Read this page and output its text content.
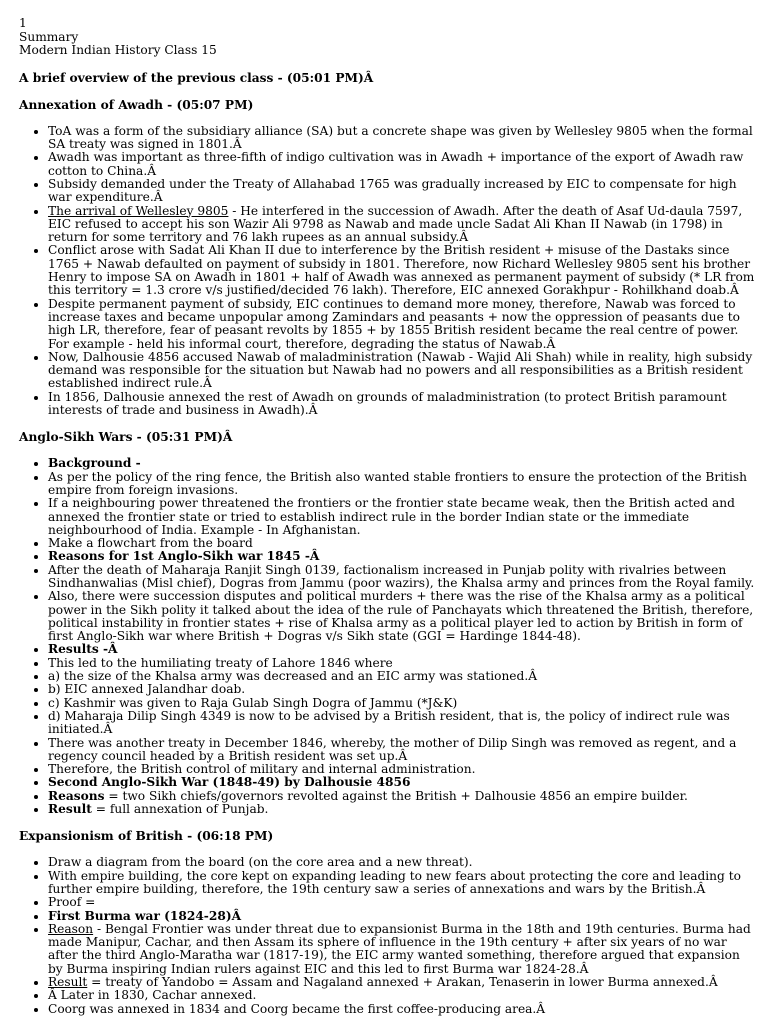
1
Summary
Modern Indian History Class 15
A brief overview of the previous class - (05:01 PM)Â
Annexation of Awadh - (05:07 PM)
• ToA was a form of the subsidiary alliance (SA) but a concrete shape was given by Wellesley 9805 when the formal SA treaty was signed in 1801.Â
• Awadh was important as three-fifth of indigo cultivation was in Awadh + importance of the export of Awadh raw cotton to China.Â
• Subsidy demanded under the Treaty of Allahabad 1765 was gradually increased by EIC to compensate for high war expenditure.Â
• The arrival of Wellesley 9805 - He interfered in the succession of Awadh. After the death of Asaf Ud-daula 7597, EIC refused to accept his son Wazir Ali 9798 as Nawab and made uncle Sadat Ali Khan II Nawab (in 1798) in return for some territory and 76 lakh rupees as an annual subsidy.Â
• Conflict arose with Sadat Ali Khan II due to interference by the British resident + misuse of the Dastaks since 1765 + Nawab defaulted on payment of subsidy in 1801. Therefore, now Richard Wellesley 9805 sent his brother Henry to impose SA on Awadh in 1801 + half of Awadh was annexed as permanent payment of subsidy (* LR from this territory = 1.3 crore v/s justified/decided 76 lakh). Therefore, EIC annexed Gorakhpur - Rohilkhand doab.Â
• Despite permanent payment of subsidy, EIC continues to demand more money, therefore, Nawab was forced to increase taxes and became unpopular among Zamindars and peasants + now the oppression of peasants due to high LR, therefore, fear of peasant revolts by 1855 + by 1855 British resident became the real centre of power. For example - held his informal court, therefore, degrading the status of Nawab.Â
• Now, Dalhousie 4856 accused Nawab of maladministration (Nawab - Wajid Ali Shah) while in reality, high subsidy demand was responsible for the situation but Nawab had no powers and all responsibilities as a British resident established indirect rule.Â
• In 1856, Dalhousie annexed the rest of Awadh on grounds of maladministration (to protect British paramount interests of trade and business in Awadh).Â
Anglo-Sikh Wars - (05:31 PM)Â
• Background -
• As per the policy of the ring fence, the British also wanted stable frontiers to ensure the protection of the British empire from foreign invasions.
• If a neighbouring power threatened the frontiers or the frontier state became weak, then the British acted and annexed the frontier state or tried to establish indirect rule in the border Indian state or the immediate neighbourhood of India. Example - In Afghanistan.
• Make a flowchart from the board
• Reasons for 1st Anglo-Sikh war 1845 -Â
• After the death of Maharaja Ranjit Singh 0139, factionalism increased in Punjab polity with rivalries between Sindhanwalias (Misl chief), Dogras from Jammu (poor wazirs), the Khalsa army and princes from the Royal family.
• Also, there were succession disputes and political murders + there was the rise of the Khalsa army as a political power in the Sikh polity it talked about the idea of the rule of Panchayats which threatened the British, therefore, political instability in frontier states + rise of Khalsa army as a political player led to action by British in form of first Anglo-Sikh war where British + Dogras v/s Sikh state (GGI = Hardinge 1844-48).
• Results -Â
• This led to the humiliating treaty of Lahore 1846 where
• a) the size of the Khalsa army was decreased and an EIC army was stationed.Â
• b) EIC annexed Jalandhar doab.
• c) Kashmir was given to Raja Gulab Singh Dogra of Jammu (*J&K)
• d) Maharaja Dilip Singh 4349 is now to be advised by a British resident, that is, the policy of indirect rule was initiated.Â
• There was another treaty in December 1846, whereby, the mother of Dilip Singh was removed as regent, and a regency council headed by a British resident was set up.Â
• Therefore, the British control of military and internal administration.
• Second Anglo-Sikh War (1848-49) by Dalhousie 4856
• Reasons = two Sikh chiefs/governors revolted against the British + Dalhousie 4856 an empire builder.
• Result = full annexation of Punjab.
Expansionism of British - (06:18 PM)
• Draw a diagram from the board (on the core area and a new threat).
• With empire building, the core kept on expanding leading to new fears about protecting the core and leading to further empire building, therefore, the 19th century saw a series of annexations and wars by the British.Â
• Proof =
• First Burma war (1824-28)Â
• Reason - Bengal Frontier was under threat due to expansionist Burma in the 18th and 19th centuries. Burma had made Manipur, Cachar, and then Assam its sphere of influence in the 19th century + after six years of no war after the third Anglo-Maratha war (1817-19), the EIC army wanted something, therefore argued that expansion by Burma inspiring Indian rulers against EIC and this led to first Burma war 1824-28.Â
• Result = treaty of Yandobo = Assam and Nagaland annexed + Arakan, Tenaserin in lower Burma annexed.Â
• Â Later in 1830, Cachar annexed.
• Coorg was annexed in 1834 and Coorg became the first coffee-producing area.Â
